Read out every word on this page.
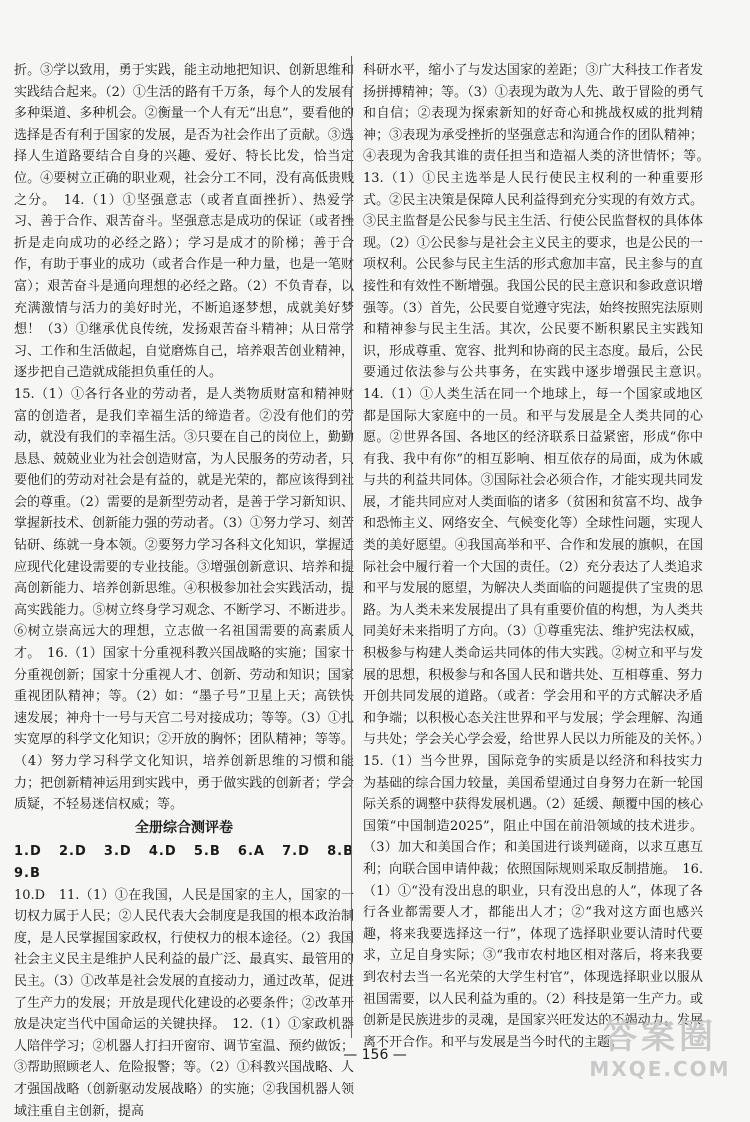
折。③学以致用，勇于实践，能主动地把知识、创新思维和实践结合起来。（2）①生活的路有千万条，每个人的发展有多种渠道、多种机会。②衡量一个人有无“出息”，要看他的选择是否有利于国家的发展，是否为社会作出了贡献。③选择人生道路要结合自身的兴趣、爱好、特长比发，恰当定位。④要树立正确的职业观，社会分工不同，没有高低贵贱之分。　14.（1）①坚强意志（或者直面挫折）、热爱学习、善于合作、艰苦奋斗。坚强意志是成功的保证（或者挫折是走向成功的必经之路）；学习是成才的阶梯；善于合作，有助于事业的成功（或者合作是一种力量，也是一笔财富）；艰苦奋斗是通向理想的必经之路。（2）不负青春，以充满激情与活力的美好时光，不断追逐梦想，成就美好梦想！（3）①继承优良传统，发扬艰苦奋斗精神；从日常学习、工作和生活做起，自觉磨炼自己，培养艰苦创业精神，逐步把自己造就成能担负重任的人。

15.（1）①各行各业的劳动者，是人类物质财富和精神财富的创造者，是我们幸福生活的缔造者。②没有他们的劳动，就没有我们的幸福生活。③只要在自己的岗位上，勤勤恳恳、兢兢业业为社会创造财富，为人民服务的劳动者，只要他们的劳动对社会是有益的，就是光荣的，都应该得到社会的尊重。（2）需要的是新型劳动者，是善于学习新知识、掌握新技术、创新能力强的劳动者。（3）①努力学习、刻苦钻研、练就一身本领。②要努力学习各科文化知识，掌握适应现代化建设需要的专业技能。③增强创新意识、培养和提高创新能力、培养创新思维。④积极参加社会实践活动，提高实践能力。⑤树立终身学习观念、不断学习、不断进步。⑥树立崇高远大的理想，立志做一名祖国需要的高素质人才。　16.（1）国家十分重视科教兴国战略的实施；国家十分重视创新；国家十分重视人才、创新、劳动和知识；国家重视团队精神；等。（2）如：“墨子号”卫星上天；高铁快速发展；神舟十一号与天宫二号对接成功；等等。（3）①扎实宽厚的科学文化知识；②开放的胸怀；团队精神；等等。（4）努力学习科学文化知识，培养创新思维的习惯和能力；把创新精神运用到实践中，勇于做实践的创新者；学会质疑，不轻易迷信权威；等。

全册综合测评卷

1.D　2.D　3.D　4.D　5.B　6.A　7.D　8.B　9.B

10.D　11.（1）①在我国，人民是国家的主人，国家的一切权力属于人民；②人民代表大会制度是我国的根本政治制度，是人民掌握国家政权，行使权力的根本途径。（2）我国社会主义民主是维护人民利益的最广泛、最真实、最管用的民主。（3）①改革是社会发展的直接动力，通过改革，促进了生产力的发展；开放是现代化建设的必要条件；②改革开放是决定当代中国命运的关键抉择。　12.（1）①家政机器人陪伴学习；②机器人打扫开窗帘、调节室温、预约做饭；③帮助照顾老人、危险报警；等。（2）①科教兴国战略、人才强国战略（创新驱动发展战略）的实施；②我国机器人领域注重自主创新，提高

科研水平，缩小了与发达国家的差距；③广大科技工作者发扬拼搏精神；等。（3）①表现为敢为人先、敢于冒险的勇气和自信；②表现为探索新知的好奇心和挑战权威的批判精神；③表现为承受挫折的坚强意志和沟通合作的团队精神；④表现为舍我其谁的责任担当和造福人类的济世情怀；等。　13.（1）①民主选举是人民行使民主权利的一种重要形式。②民主决策是保障人民利益得到充分实现的有效方式。③民主监督是公民参与民主生活、行使公民监督权的具体体现。（2）①公民参与是社会主义民主的要求，也是公民的一项权利。公民参与民主生活的形式愈加丰富，民主参与的直接性和有效性不断增强。我国公民的民主意识和参政意识增强等。（3）首先，公民要自觉遵守宪法，始终按照宪法原则和精神参与民主生活。其次，公民要不断积累民主实践知识，形成尊重、宽容、批判和协商的民主态度。最后，公民要通过依法参与公共事务，在实践中逐步增强民主意识。　14.（1）①人类生活在同一个地球上，每一个国家或地区都是国际大家庭中的一员。和平与发展是全人类共同的心愿。②世界各国、各地区的经济联系日益紧密，形成“你中有我、我中有你”的相互影响、相互依存的局面，成为休戚与共的利益共同体。③国际社会必须合作，才能实现共同发展，才能共同应对人类面临的诸多（贫困和贫富不均、战争和恐怖主义、网络安全、气候变化等）全球性问题，实现人类的美好愿望。④我国高举和平、合作和发展的旗帜，在国际社会中履行着一个大国的责任。（2）充分表达了人类追求和平与发展的愿望，为解决人类面临的问题提供了宝贵的思路。为人类未来发展提出了具有重要价值的构想，为人类共同美好未来指明了方向。（3）①尊重宪法、维护宪法权威，积极参与构建人类命运共同体的伟大实践。②树立和平与发展的思想，积极参与和各国人民和谐共处、互相尊重、努力开创共同发展的道路。（或者：学会用和平的方式解决矛盾和争端；以积极心态关注世界和平与发展；学会理解、沟通与共处；学会关心学会爱，给世界人民以力所能及的关怀。）　15.（1）当今世界，国际竞争的实质是以经济和科技实力为基础的综合国力较量，美国希望通过自身努力在新一轮国际关系的调整中获得发展机遇。（2）延缓、颠覆中国的核心国策“中国制造2025”，阻止中国在前沿领域的技术进步。（3）加大和美国合作；和美国进行谈判磋商，以求互惠互利；向联合国申请仲裁；依照国际规则采取反制措施。　16.（1）①“没有没出息的职业，只有没出息的人”，体现了各行各业都需要人才，都能出人才；②“我对这方面也感兴趣，将来我要选择这一行”，体现了选择职业要认清时代要求，立足自身实际；③“我市农村地区相对落后，将来我要到农村去当一名光荣的大学生村官”，体现选择职业以服从祖国需要，以人民利益为重的。（2）科技是第一生产力。或创新是民族进步的灵魂，是国家兴旺发达的不竭动力。发展离不开合作。和平与发展是当今时代的主题。

— 156 —	答案圈
MXQE.COM
